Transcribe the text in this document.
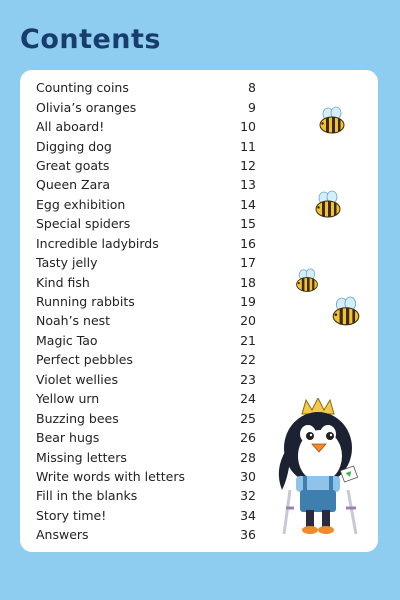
Contents
Counting coins	8
Olivia’s oranges	9
All aboard!	10
Digging dog	11
Great goats	12
Queen Zara	13
Egg exhibition	14
Special spiders	15
Incredible ladybirds	16
Tasty jelly	17
Kind fish	18
Running rabbits	19
Noah’s nest	20
Magic Tao	21
Perfect pebbles	22
Violet wellies	23
Yellow urn	24
Buzzing bees	25
Bear hugs	26
Missing letters	28
Write words with letters	30
Fill in the blanks	32
Story time!	34
Answers	36
